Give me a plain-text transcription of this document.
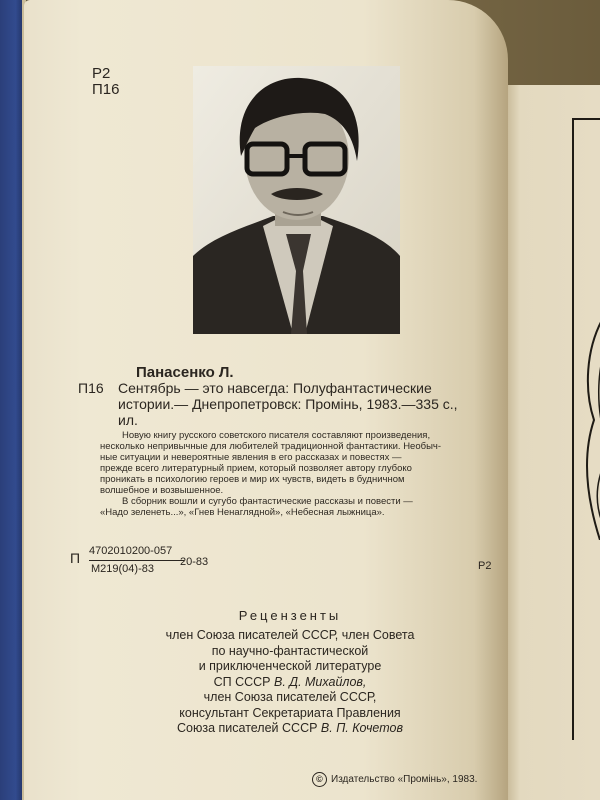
Р2
П16
Панасенко Л.
П16 Сентябрь — это навсегда: Полуфантастические
истории.— Днепропетровск: Промінь, 1983.—335 с.,
ил.
Новую книгу русского советского писателя составляют произведения,
несколько непривычные для любителей традиционной фантастики. Необыч-
ные ситуации и невероятные явления в его рассказах и повестях —
прежде всего литературный прием, который позволяет автору глубоко
проникать в психологию героев и мир их чувств, видеть в будничном
волшебное и возвышенное.
В сборник вошли и сугубо фантастические рассказы и повести —
«Надо зеленеть...», «Гнев Ненаглядной», «Небесная лыжница».
П 4702010200-057
М219(04)-83
20-83	Р2
Рецензенты
член Союза писателей СССР, член Совета
по научно-фантастической
и приключенческой литературе
СП СССР В. Д. Михайлов,
член Союза писателей СССР,
консультант Секретариата Правления
Союза писателей СССР В. П. Кочетов
© Издательство «Промінь», 1983.
